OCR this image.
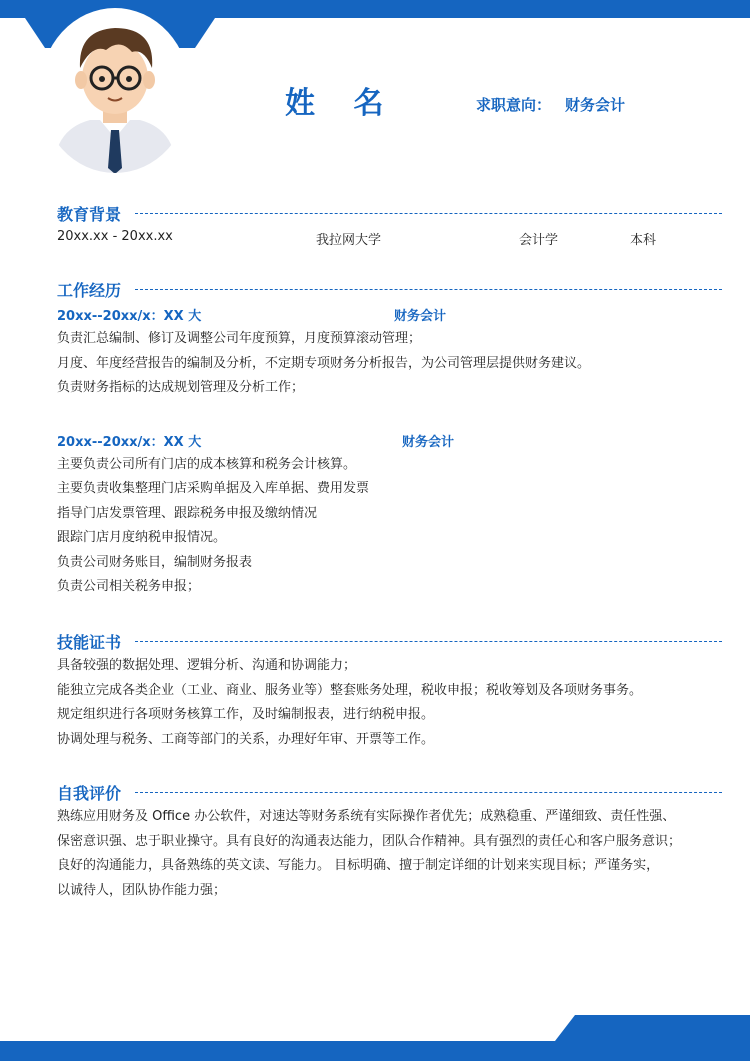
姓 名	求职意向： 财务会计
教育背景
20xx.xx - 20xx.xx	我拉网大学	会计学	本科
工作经历
20xx--20xx/x：XX 大	财务会计
负责汇总编制、修订及调整公司年度预算，月度预算滚动管理；
月度、年度经营报告的编制及分析，不定期专项财务分析报告，为公司管理层提供财务建议。
负责财务指标的达成规划管理及分析工作；
20xx--20xx/x：XX 大	财务会计
主要负责公司所有门店的成本核算和税务会计核算。
主要负责收集整理门店采购单据及入库单据、费用发票
指导门店发票管理、跟踪税务申报及缴纳情况
跟踪门店月度纳税申报情况。
负责公司财务账目，编制财务报表
负责公司相关税务申报；
技能证书
具备较强的数据处理、逻辑分析、沟通和协调能力；
能独立完成各类企业（工业、商业、服务业等）整套账务处理，税收申报；税收筹划及各项财务事务。
规定组织进行各项财务核算工作，及时编制报表，进行纳税申报。
协调处理与税务、工商等部门的关系，办理好年审、开票等工作。
自我评价
熟练应用财务及 Office 办公软件，对速达等财务系统有实际操作者优先；成熟稳重、严谨细致、责任性强、
保密意识强、忠于职业操守。具有良好的沟通表达能力，团队合作精神。具有强烈的责任心和客户服务意识；
良好的沟通能力，具备熟练的英文读、写能力。 目标明确、擅于制定详细的计划来实现目标；严谨务实，
以诚待人，团队协作能力强；
